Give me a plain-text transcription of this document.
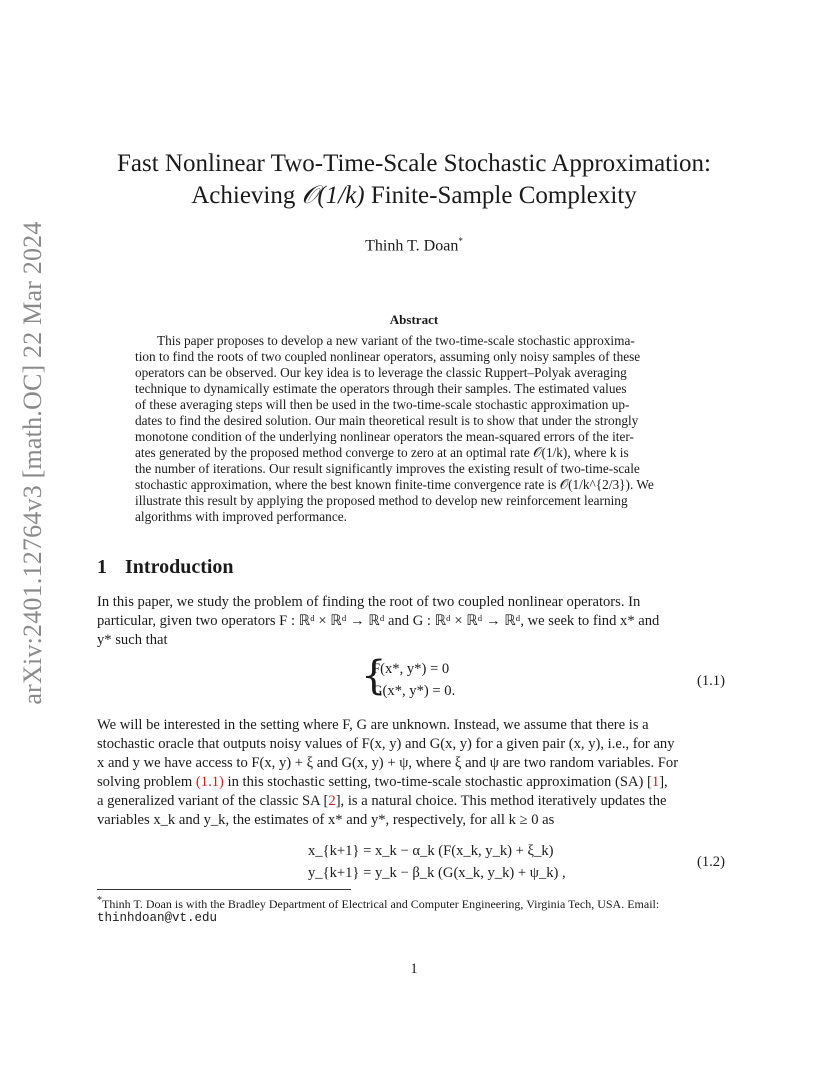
arXiv:2401.12764v3 [math.OC] 22 Mar 2024
Fast Nonlinear Two-Time-Scale Stochastic Approximation:
Achieving 𝒪(1/k) Finite-Sample Complexity
Thinh T. Doan*
Abstract
This paper proposes to develop a new variant of the two-time-scale stochastic approxima-
tion to find the roots of two coupled nonlinear operators, assuming only noisy samples of these
operators can be observed. Our key idea is to leverage the classic Ruppert–Polyak averaging
technique to dynamically estimate the operators through their samples. The estimated values
of these averaging steps will then be used in the two-time-scale stochastic approximation up-
dates to find the desired solution. Our main theoretical result is to show that under the strongly
monotone condition of the underlying nonlinear operators the mean-squared errors of the iter-
ates generated by the proposed method converge to zero at an optimal rate 𝒪(1/k), where k is
the number of iterations. Our result significantly improves the existing result of two-time-scale
stochastic approximation, where the best known finite-time convergence rate is 𝒪(1/k^{2/3}). We
illustrate this result by applying the proposed method to develop new reinforcement learning
algorithms with improved performance.
1 Introduction
In this paper, we study the problem of finding the root of two coupled nonlinear operators. In
particular, given two operators F : ℝᵈ × ℝᵈ → ℝᵈ and G : ℝᵈ × ℝᵈ → ℝᵈ, we seek to find x* and
y* such that
{
F(x*, y*) = 0
G(x*, y*) = 0.
(1.1)
We will be interested in the setting where F, G are unknown. Instead, we assume that there is a
stochastic oracle that outputs noisy values of F(x, y) and G(x, y) for a given pair (x, y), i.e., for any
x and y we have access to F(x, y) + ξ and G(x, y) + ψ, where ξ and ψ are two random variables. For
solving problem (1.1) in this stochastic setting, two-time-scale stochastic approximation (SA) [1],
a generalized variant of the classic SA [2], is a natural choice. This method iteratively updates the
variables x_k and y_k, the estimates of x* and y*, respectively, for all k ≥ 0 as
x_{k+1} = x_k − α_k (F(x_k, y_k) + ξ_k)
y_{k+1} = y_k − β_k (G(x_k, y_k) + ψ_k) ,
(1.2)
*Thinh T. Doan is with the Bradley Department of Electrical and Computer Engineering, Virginia Tech, USA. Email:
thinhdoan@vt.edu
1
